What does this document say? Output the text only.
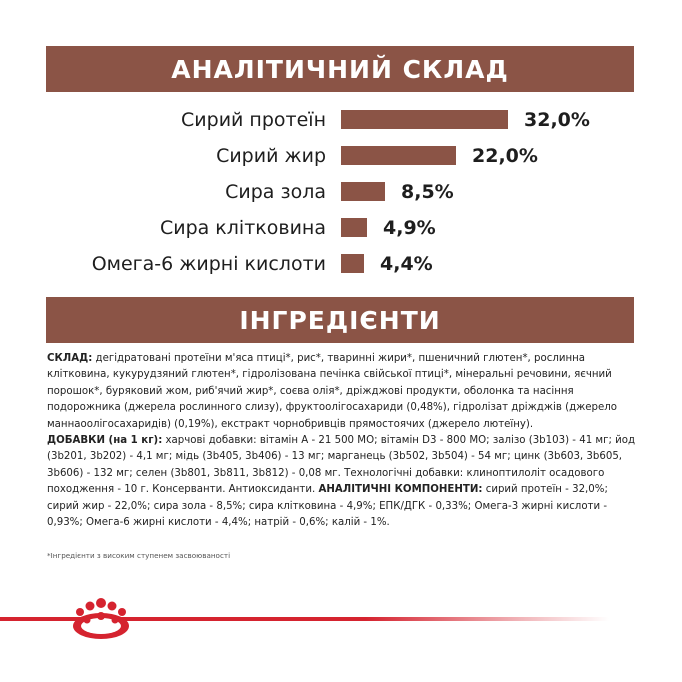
АНАЛІТИЧНИЙ СКЛАД
Сирий протеїн	32,0%
Сирий жир	22,0%
Сира зола	8,5%
Сира клітковина	4,9%
Омега-6 жирні кислоти	4,4%
ІНГРЕДІЄНТИ

СКЛАД: дегідратовані протеїни м'яса птиці*, рис*, тваринні жири*, пшеничний глютен*, рослинна клітковина, кукурудзяний глютен*, гідролізована печінка свійської птиці*, мінеральні речовини, яєчний порошок*, буряковий жом, риб'ячий жир*, соєва олія*, дріжджові продукти, оболонка та насіння подорожника (джерела рослинного слизу), фруктоолігосахариди (0,48%), гідролізат дріжджів (джерело маннаоолігосахаридів) (0,19%), екстракт чорнобривців прямостоячих (джерело лютеїну).

ДОБАВКИ (на 1 кг): харчові добавки: вітамін А - 21 500 МО; вітамін D3 - 800 МО; залізо (3b103) - 41 мг; йод (3b201, 3b202) - 4,1 мг; мідь (3b405, 3b406) - 13 мг; марганець (3b502, 3b504) - 54 мг; цинк (3b603, 3b605, 3b606) - 132 мг; селен (3b801, 3b811, 3b812) - 0,08 мг. Технологічні добавки: клиноптилоліт осадового походження - 10 г. Консерванти. Антиоксиданти. АНАЛІТИЧНІ КОМПОНЕНТИ: сирий протеїн - 32,0%; сирий жир - 22,0%; сира зола - 8,5%; сира клітковина - 4,9%; ЕПК/ДГК - 0,33%; Омега-3 жирні кислоти - 0,93%; Омега-6 жирні кислоти - 4,4%; натрій - 0,6%; калій - 1%.

*Інгредієнти з високим ступенем засвоюваності
